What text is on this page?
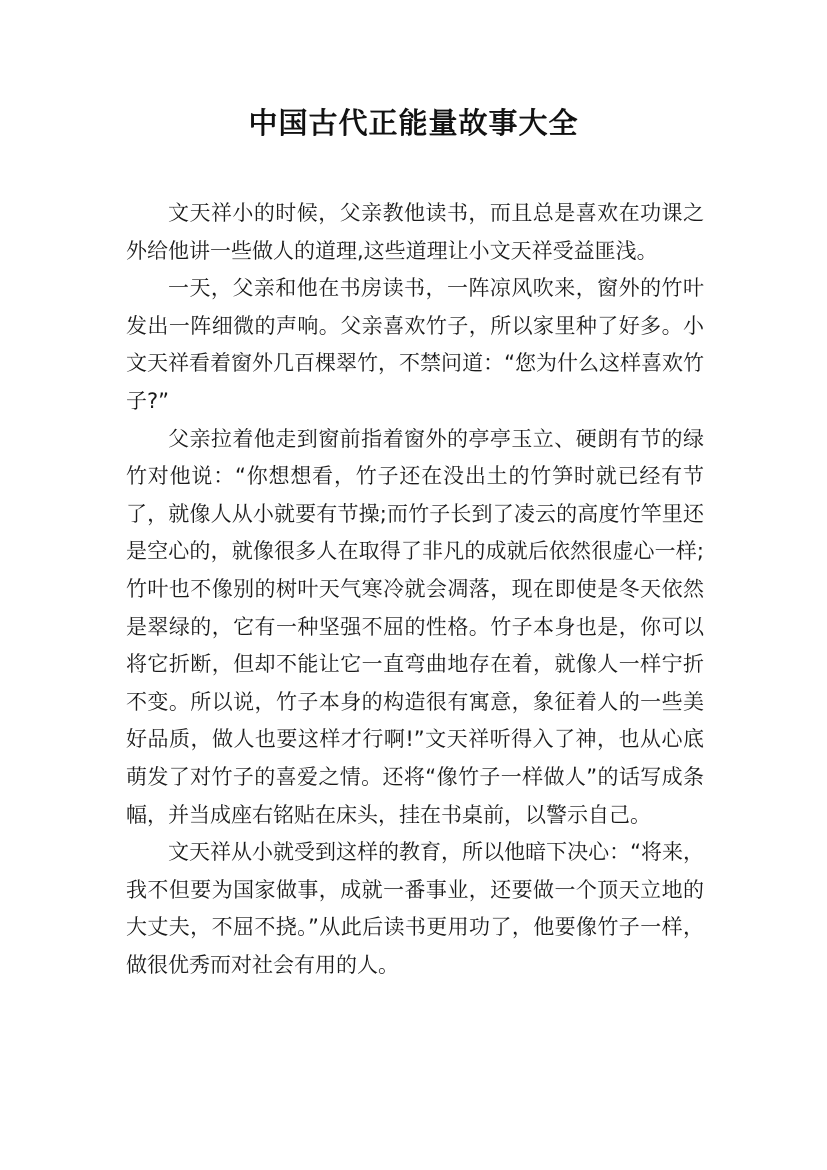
中国古代正能量故事大全

文天祥小的时候，父亲教他读书，而且总是喜欢在功课之外给他讲一些做人的道理,这些道理让小文天祥受益匪浅。

一天，父亲和他在书房读书，一阵凉风吹来，窗外的竹叶发出一阵细微的声响。父亲喜欢竹子，所以家里种了好多。小文天祥看着窗外几百棵翠竹，不禁问道：“您为什么这样喜欢竹子?”

父亲拉着他走到窗前指着窗外的亭亭玉立、硬朗有节的绿竹对他说：“你想想看，竹子还在没出土的竹笋时就已经有节了，就像人从小就要有节操;而竹子长到了凌云的高度竹竿里还是空心的，就像很多人在取得了非凡的成就后依然很虚心一样;竹叶也不像别的树叶天气寒冷就会凋落，现在即使是冬天依然是翠绿的，它有一种坚强不屈的性格。竹子本身也是，你可以将它折断，但却不能让它一直弯曲地存在着，就像人一样宁折不变。所以说，竹子本身的构造很有寓意，象征着人的一些美好品质，做人也要这样才行啊!”文天祥听得入了神，也从心底萌发了对竹子的喜爱之情。还将“像竹子一样做人”的话写成条幅，并当成座右铭贴在床头，挂在书桌前，以警示自己。

文天祥从小就受到这样的教育，所以他暗下决心：“将来，我不但要为国家做事，成就一番事业，还要做一个顶天立地的大丈夫，不屈不挠。”从此后读书更用功了，他要像竹子一样，做很优秀而对社会有用的人。
